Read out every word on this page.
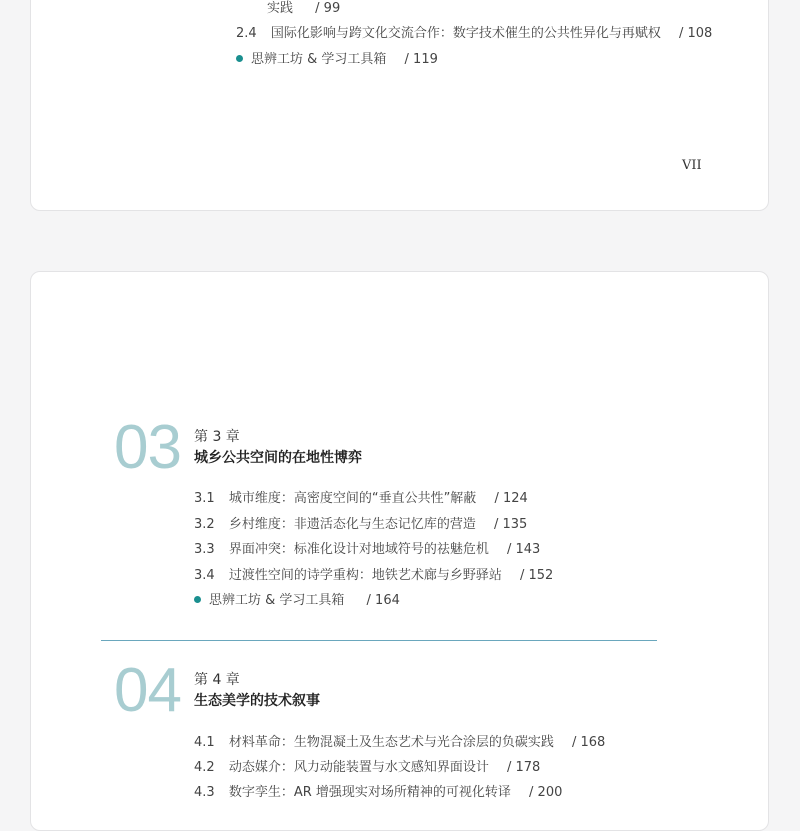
实践 / 99
2.4 国际化影响与跨文化交流合作：数字技术催生的公共性异化与再赋权 / 108
思辨工坊 & 学习工具箱 / 119
VII
03 第 3 章
城乡公共空间的在地性博弈
3.1 城市维度：高密度空间的“垂直公共性”解蔽 / 124
3.2 乡村维度：非遗活态化与生态记忆库的营造 / 135
3.3 界面冲突：标准化设计对地域符号的祛魅危机 / 143
3.4 过渡性空间的诗学重构：地铁艺术廊与乡野驿站 / 152
思辨工坊 & 学习工具箱 / 164
04 第 4 章
生态美学的技术叙事
4.1 材料革命：生物混凝土及生态艺术与光合涂层的负碳实践 / 168
4.2 动态媒介：风力动能装置与水文感知界面设计 / 178
4.3 数字孪生：AR 增强现实对场所精神的可视化转译 / 200
